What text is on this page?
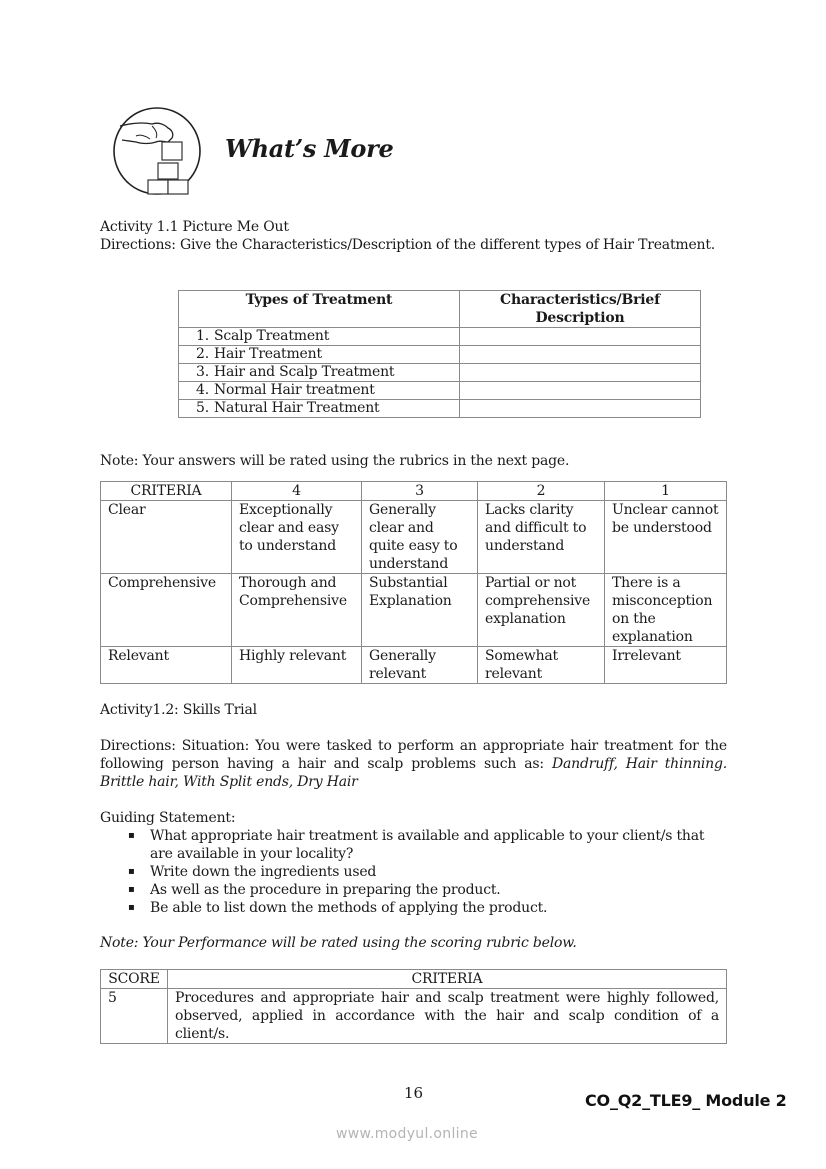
What’s More
Activity 1.1 Picture Me Out
Directions: Give the Characteristics/Description of the different types of Hair Treatment.
Types of Treatment	Characteristics/Brief Description
1. Scalp Treatment	
2. Hair Treatment	
3. Hair and Scalp Treatment	
4. Normal Hair treatment	
5. Natural Hair Treatment	
Note: Your answers will be rated using the rubrics in the next page.
CRITERIA	4	3	2	1
Clear	Exceptionally clear and easy to understand	Generally clear and quite easy to understand	Lacks clarity and difficult to understand	Unclear cannot be understood
Comprehensive	Thorough and Comprehensive	Substantial Explanation	Partial or not comprehensive explanation	There is a misconception on the explanation
Relevant	Highly relevant	Generally relevant	Somewhat relevant	Irrelevant
Activity1.2: Skills Trial
Directions: Situation: You were tasked to perform an appropriate hair treatment for the following person having a hair and scalp problems such as: Dandruff, Hair thinning. Brittle hair, With Split ends, Dry Hair
Guiding Statement:
▪ What appropriate hair treatment is available and applicable to your client/s that are available in your locality?
▪ Write down the ingredients used
▪ As well as the procedure in preparing the product.
▪ Be able to list down the methods of applying the product.
Note: Your Performance will be rated using the scoring rubric below.
SCORE	CRITERIA
5	Procedures and appropriate hair and scalp treatment were highly followed, observed, applied in accordance with the hair and scalp condition of a client/s.
16	CO_Q2_TLE9_ Module 2
www.modyul.online
